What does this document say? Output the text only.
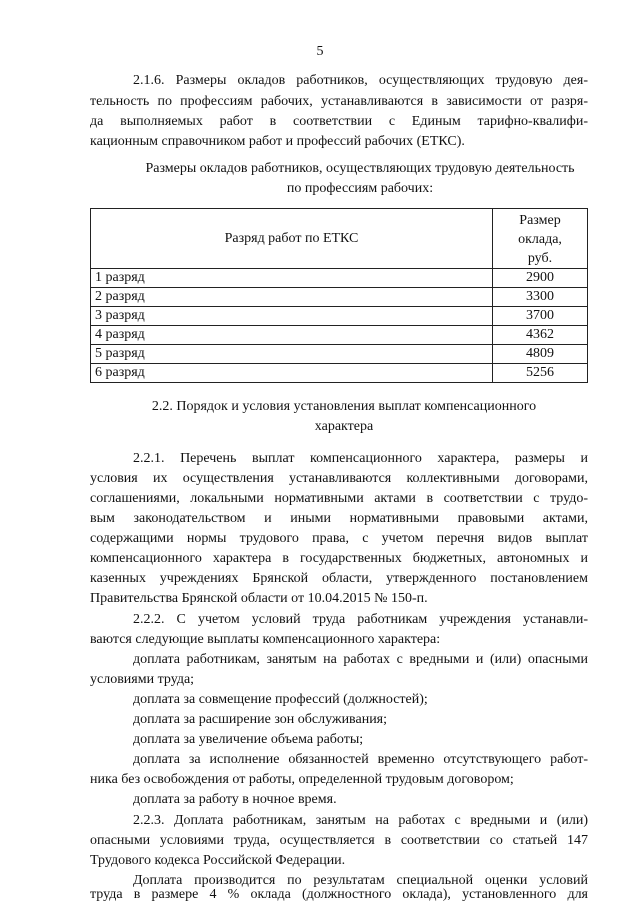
5
2.1.6. Размеры окладов работников, осуществляющих трудовую дея-
тельность по профессиям рабочих, устанавливаются в зависимости от разря-
да выполняемых работ в соответствии с Единым тарифно-квалифи-
кационным справочником работ и профессий рабочих (ЕТКС).
Размеры окладов работников, осуществляющих трудовую деятельность
по профессиям рабочих:
Разряд работ по ЕТКС	Размер
оклада,
руб.

1 разряд	2900
2 разряд	3300
3 разряд	3700
4 разряд	4362
5 разряд	4809
6 разряд	5256
2.2. Порядок и условия установления выплат компенсационного
характера
2.2.1. Перечень выплат компенсационного характера, размеры и
условия их осуществления устанавливаются коллективными договорами,
соглашениями, локальными нормативными актами в соответствии с трудо-
вым законодательством и иными нормативными правовыми актами,
содержащими нормы трудового права, с учетом перечня видов выплат
компенсационного характера в государственных бюджетных, автономных и
казенных учреждениях Брянской области, утвержденного постановлением
Правительства Брянской области от 10.04.2015 № 150-п.
2.2.2. С учетом условий труда работникам учреждения устанавли-
ваются следующие выплаты компенсационного характера:
доплата работникам, занятым на работах с вредными и (или) опасными
условиями труда;
доплата за совмещение профессий (должностей);
доплата за расширение зон обслуживания;
доплата за увеличение объема работы;
доплата за исполнение обязанностей временно отсутствующего работ-
ника без освобождения от работы, определенной трудовым договором;
доплата за работу в ночное время.
2.2.3. Доплата работникам, занятым на работах с вредными и (или)
опасными условиями труда, осуществляется в соответствии со статьей 147
Трудового кодекса Российской Федерации.
Доплата производится по результатам специальной оценки условий
труда в размере 4 % оклада (должностного оклада), установленного для
